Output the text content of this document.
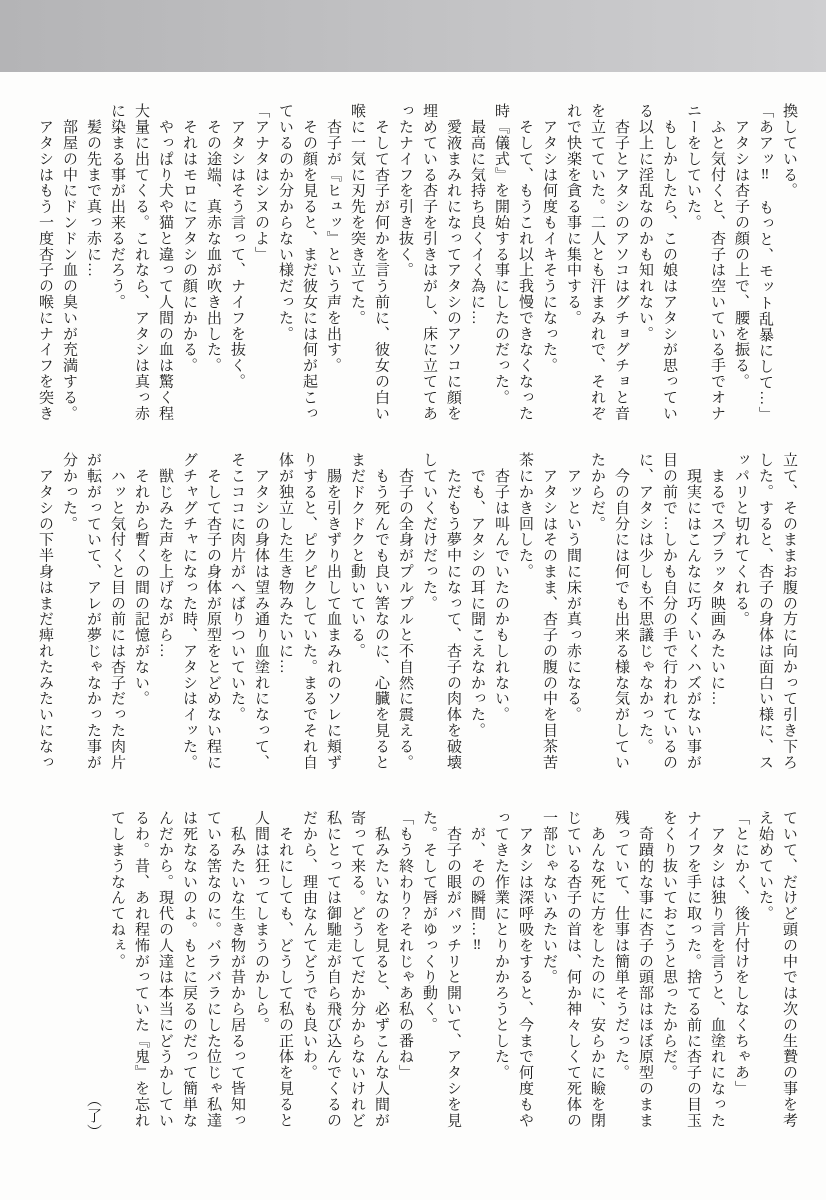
換している。
「あアッ‼　もっと、モット乱暴にして…」
　アタシは杏子の顔の上で、腰を振る。
　ふと気付くと、杏子は空いている手でオナ
ニーをしていた。
　もしかしたら、この娘はアタシが思ってい
る以上に淫乱なのかも知れない。
　杏子とアタシのアソコはグチョグチョと音
を立てていた。二人とも汗まみれで、それぞ
れで快楽を貪る事に集中する。
　アタシは何度もイキそうになった。
　そして、もうこれ以上我慢できなくなった
時『儀式』を開始する事にしたのだった。
　最高に気持ち良くイく為に…
　愛液まみれになってアタシのアソコに顔を
埋めている杏子を引きはがし、床に立ててあ
ったナイフを引き抜く。
　そして杏子が何かを言う前に、彼女の白い
喉に一気に刃先を突き立てた。
　杏子が『ヒュッ』という声を出す。
　その顔を見ると、まだ彼女には何が起こっ
ているのか分からない様だった。
「アナタはシヌのよ」
　アタシはそう言って、ナイフを抜く。
　その途端、真赤な血が吹き出した。
　それはモロにアタシの顔にかかる。
　やっぱり犬や猫と違って人間の血は驚く程
大量に出てくる。これなら、アタシは真っ赤
に染まる事が出来るだろう。
　髪の先まで真っ赤に…
　部屋の中にドンドン血の臭いが充満する。
　アタシはもう一度杏子の喉にナイフを突き
立て、そのままお腹の方に向かって引き下ろ
した。すると、杏子の身体は面白い様に、ス
ッパリと切れてくれる。
　まるでスプラッタ映画みたいに…
　現実にはこんなに巧くいくハズがない事が
目の前で…しかも自分の手で行われているの
に、アタシは少しも不思議じゃなかった。
　今の自分には何でも出来る様な気がしてい
たからだ。
　アッという間に床が真っ赤になる。
　アタシはそのまま、杏子の腹の中を目茶苦
茶にかき回した。
　杏子は叫んでいたのかもしれない。
　でも、アタシの耳に聞こえなかった。
　ただもう夢中になって、杏子の肉体を破壊
していくだけだった。
　杏子の全身がプルプルと不自然に震える。
　もう死んでも良い筈なのに、心臓を見ると
まだドクドクと動いている。
　腸を引きずり出して血まみれのソレに頬ず
りすると、ピクピクしていた。まるでそれ自
体が独立した生き物みたいに…
　アタシの身体は望み通り血塗れになって、
そこココに肉片がへばりついていた。
　そして杏子の身体が原型をとどめない程に
グチャグチャになった時、アタシはイッた。
　獣じみた声を上げながら…
　それから暫くの間の記憶がない。
　ハッと気付くと目の前には杏子だった肉片
が転がっていて、アレが夢じゃなかった事が
分かった。
　アタシの下半身はまだ痺れたみたいになっ
ていて、だけど頭の中では次の生贄の事を考
え始めていた。
「とにかく、後片付けをしなくちゃあ」
　アタシは独り言を言うと、血塗れになった
ナイフを手に取った。捨てる前に杏子の目玉
をくり抜いておこうと思ったからだ。
　奇蹟的な事に杏子の頭部はほぼ原型のまま
残っていて、仕事は簡単そうだった。
　あんな死に方をしたのに、安らかに瞼を閉
じている杏子の首は、何か神々しくて死体の
一部じゃないみたいだ。
　アタシは深呼吸をすると、今まで何度もや
ってきた作業にとりかかろうとした。
　が、その瞬間…‼
　杏子の眼がパッチリと開いて、アタシを見
た。そして唇がゆっくり動く。
「もう終わり？それじゃあ私の番ね」
　私みたいなのを見ると、必ずこんな人間が
寄って来る。どうしてだか分からないけれど
私にとっては御馳走が自ら飛び込んでくるの
だから、理由なんてどうでも良いわ。
　それにしても、どうして私の正体を見ると
人間は狂ってしまうのかしら。
　私みたいな生き物が昔から居るって皆知っ
ている筈なのに。バラバラにした位じゃ私達
は死なないのよ。もとに戻るのだって簡単な
んだから。現代の人達は本当にどうかしてい
るわ。昔、あれ程怖がっていた『鬼』を忘れ
てしまうなんてねぇ。
（了）
